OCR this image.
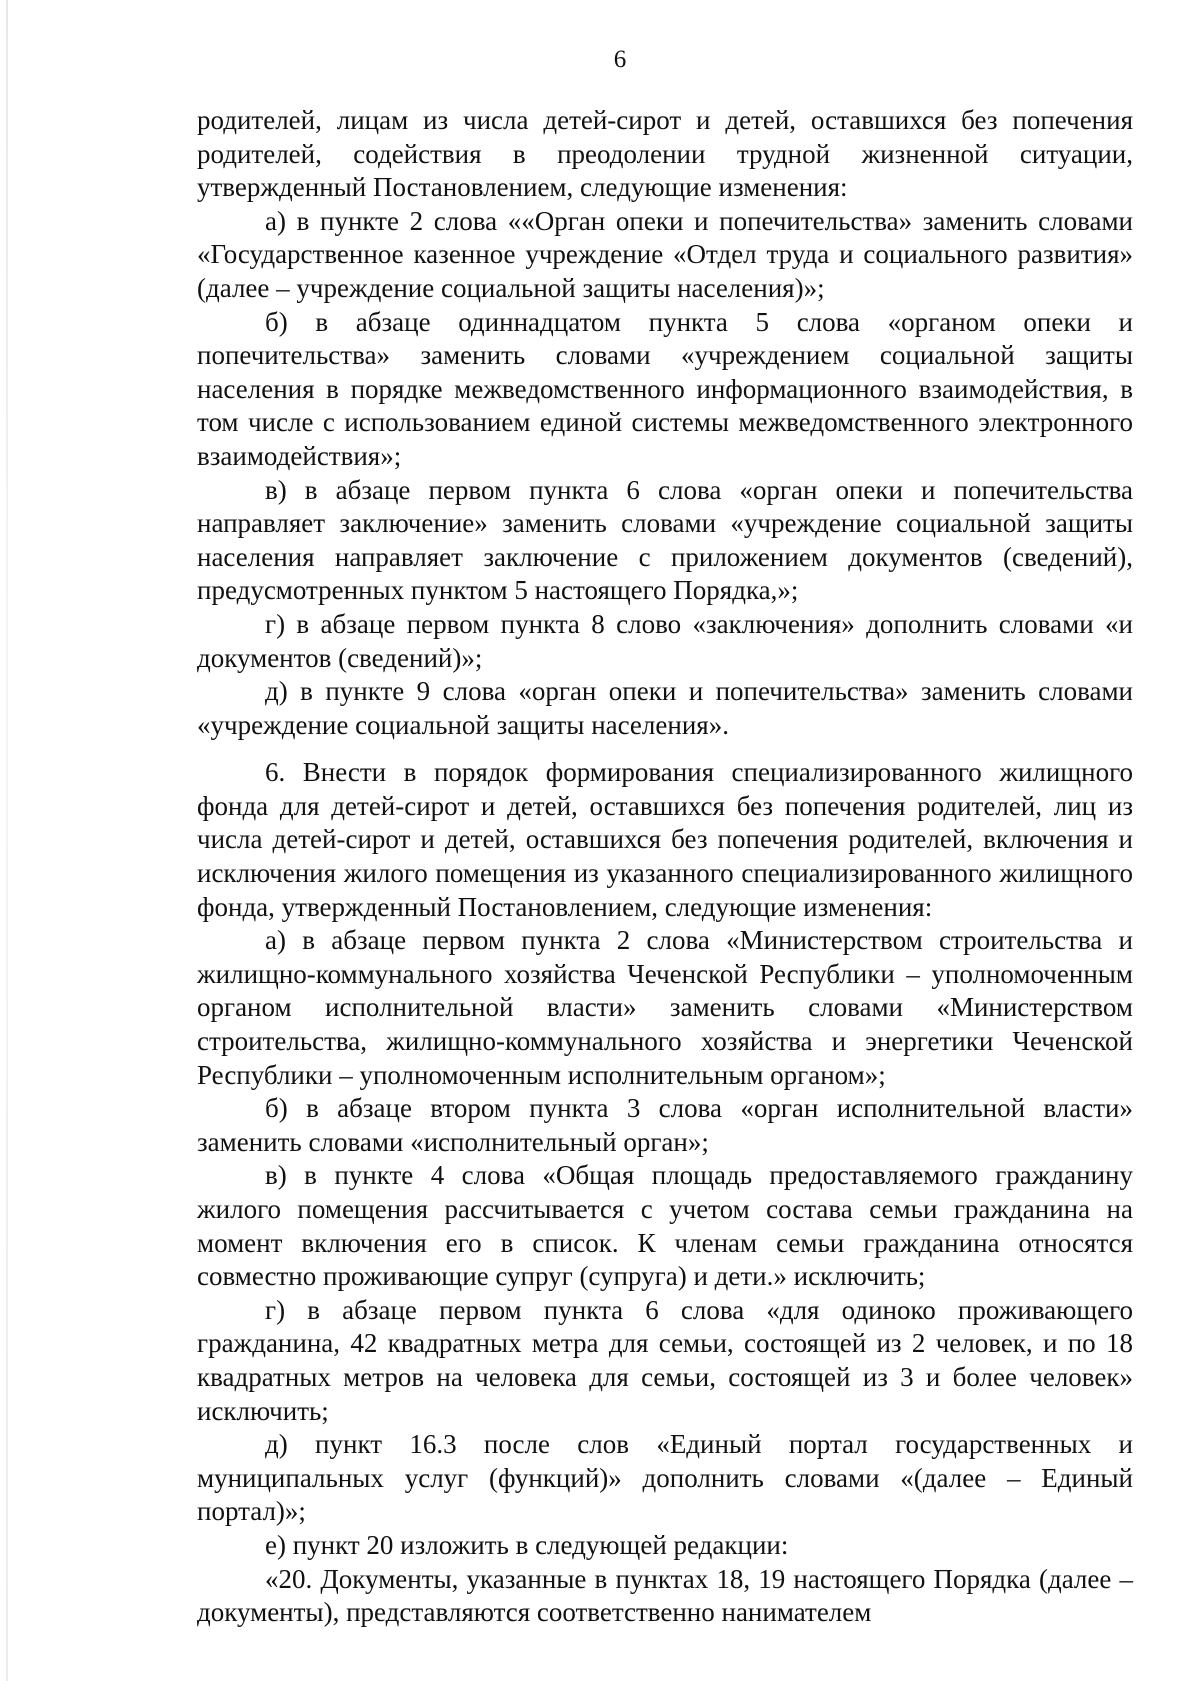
6

родителей, лицам из числа детей-сирот и детей, оставшихся без попечения родителей, содействия в преодолении трудной жизненной ситуации, утвержденный Постановлением, следующие изменения:

а) в пункте 2 слова ««Орган опеки и попечительства» заменить словами «Государственное казенное учреждение «Отдел труда и социального развития» (далее – учреждение социальной защиты населения)»;

б) в абзаце одиннадцатом пункта 5 слова «органом опеки и попечительства» заменить словами «учреждением социальной защиты населения в порядке межведомственного информационного взаимодействия, в том числе с использованием единой системы межведомственного электронного взаимодействия»;

в) в абзаце первом пункта 6 слова «орган опеки и попечительства направляет заключение» заменить словами «учреждение социальной защиты населения направляет заключение с приложением документов (сведений), предусмотренных пунктом 5 настоящего Порядка,»;

г) в абзаце первом пункта 8 слово «заключения» дополнить словами «и документов (сведений)»;

д) в пункте 9 слова «орган опеки и попечительства» заменить словами «учреждение социальной защиты населения».

6. Внести в порядок формирования специализированного жилищного фонда для детей-сирот и детей, оставшихся без попечения родителей, лиц из числа детей-сирот и детей, оставшихся без попечения родителей, включения и исключения жилого помещения из указанного специализированного жилищного фонда, утвержденный Постановлением, следующие изменения:

а) в абзаце первом пункта 2 слова «Министерством строительства и жилищно-коммунального хозяйства Чеченской Республики – уполномоченным органом исполнительной власти» заменить словами «Министерством строительства, жилищно-коммунального хозяйства и энергетики Чеченской Республики – уполномоченным исполнительным органом»;

б) в абзаце втором пункта 3 слова «орган исполнительной власти» заменить словами «исполнительный орган»;

в) в пункте 4 слова «Общая площадь предоставляемого гражданину жилого помещения рассчитывается с учетом состава семьи гражданина на момент включения его в список. К членам семьи гражданина относятся совместно проживающие супруг (супруга) и дети.» исключить;

г) в абзаце первом пункта 6 слова «для одиноко проживающего гражданина, 42 квадратных метра для семьи, состоящей из 2 человек, и по 18 квадратных метров на человека для семьи, состоящей из 3 и более человек» исключить;

д) пункт 16.3 после слов «Единый портал государственных и муниципальных услуг (функций)» дополнить словами «(далее – Единый портал)»;

е) пункт 20 изложить в следующей редакции:

«20. Документы, указанные в пунктах 18, 19 настоящего Порядка (далее – документы), представляются соответственно нанимателем
